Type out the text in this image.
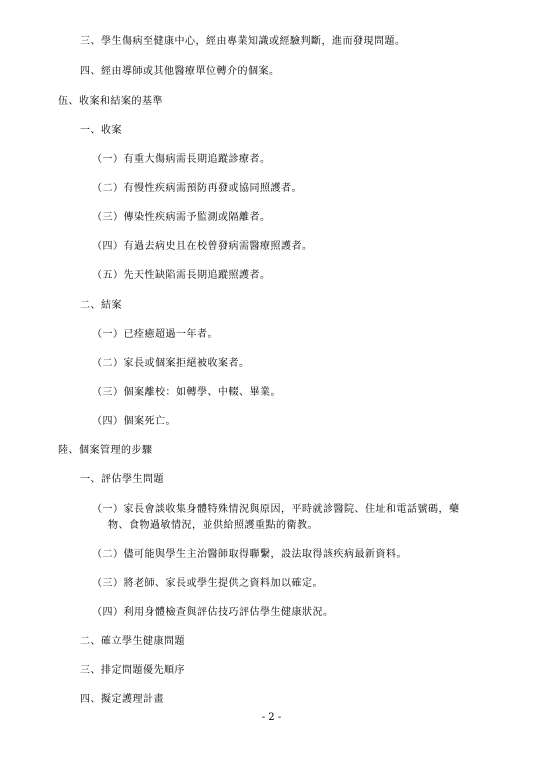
三、學生傷病至健康中心，經由專業知識或經驗判斷，進而發現問題。
四、經由導師或其他醫療單位轉介的個案。
伍、收案和結案的基準
一、收案
（一）有重大傷病需長期追蹤診療者。
（二）有慢性疾病需預防再發或協同照護者。
（三）傳染性疾病需予監測或隔離者。
（四）有過去病史且在校曾發病需醫療照護者。
（五）先天性缺陷需長期追蹤照護者。
二、結案
（一）已痊癒超過一年者。
（二）家長或個案拒絕被收案者。
（三）個案離校：如轉學、中輟、畢業。
（四）個案死亡。
陸、個案管理的步驟
一、評估學生問題
（一）家長會談收集身體特殊情況與原因，平時就診醫院、住址和電話號碼，藥
物、食物過敏情況，並供給照護重點的衛教。
（二）儘可能與學生主治醫師取得聯繫，設法取得該疾病最新資料。
（三）將老師、家長或學生提供之資料加以確定。
（四）利用身體檢查與評估技巧評估學生健康狀況。
二、確立學生健康問題
三、排定問題優先順序
四、擬定護理計畫
- 2 -
